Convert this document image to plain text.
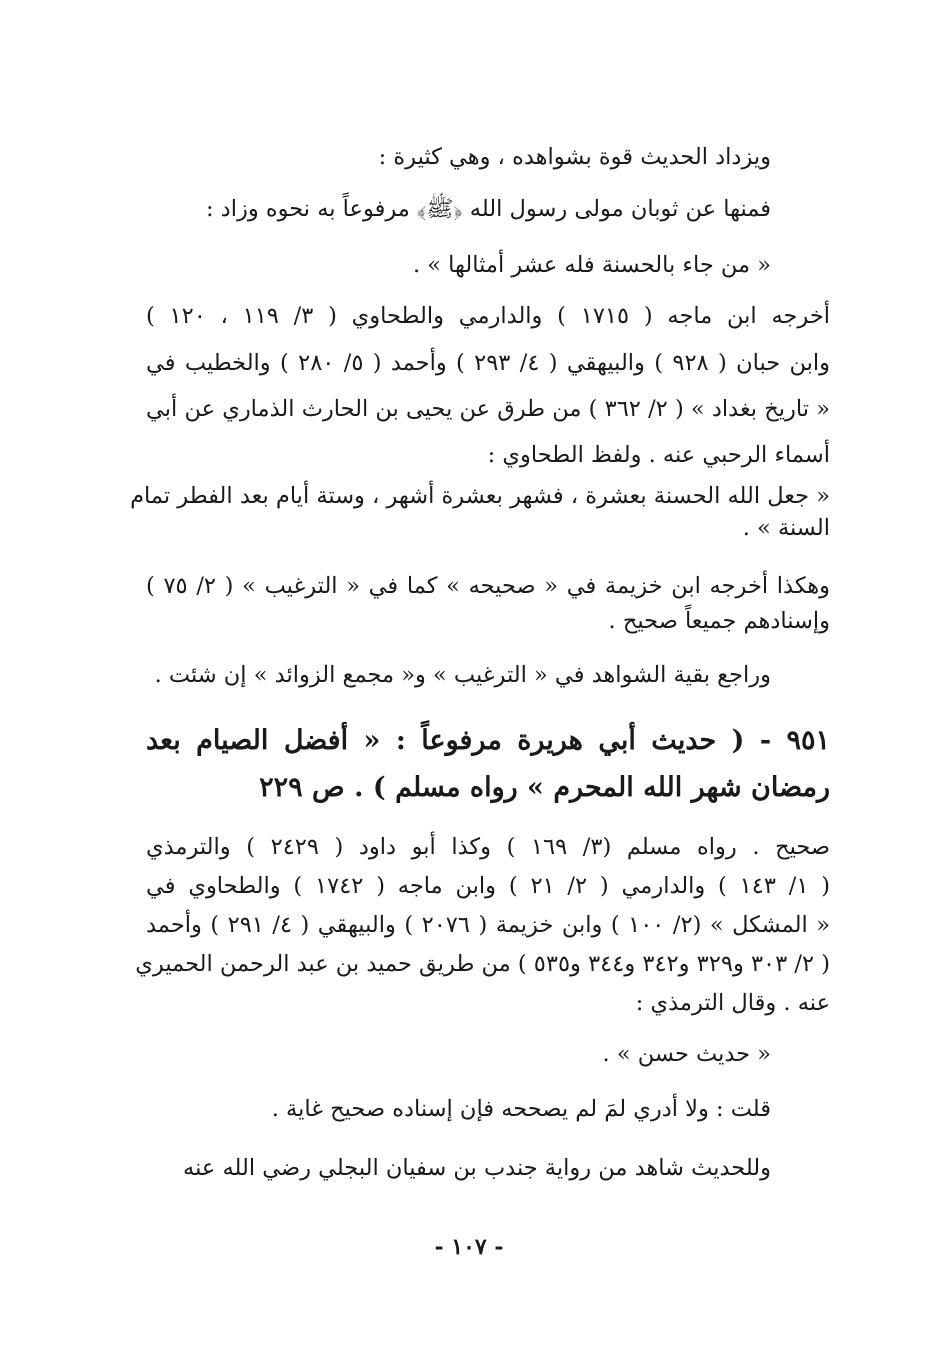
ويزداد الحديث قوة بشواهده ، وهي كثيرة :

فمنها عن ثوبان مولى رسول الله ﴿ﷺ﴾ مرفوعاً به نحوه وزاد :

« من جاء بالحسنة فله عشر أمثالها » .

أخرجه ابن ماجه ( ١٧١٥ ) والدارمي والطحاوي ( ٣/ ١١٩ ، ١٢٠ )

وابن حبان ( ٩٢٨ ) والبيهقي ( ٤/ ٢٩٣ ) وأحمد ( ٥/ ٢٨٠ ) والخطيب في

« تاريخ بغداد » ( ٢/ ٣٦٢ ) من طرق عن يحيى بن الحارث الذماري عن أبي

أسماء الرحبي عنه . ولفظ الطحاوي :

« جعل الله الحسنة بعشرة ، فشهر بعشرة أشهر ، وستة أيام بعد الفطر تمام

السنة » .

وهكذا أخرجه ابن خزيمة في « صحيحه » كما في « الترغيب » ( ٢/ ٧٥ )

وإسنادهم جميعاً صحيح .

وراجع بقية الشواهد في « الترغيب » و« مجمع الزوائد » إن شئت .

٩٥١ - ( حديث أبي هريرة مرفوعاً : « أفضل الصيام بعد

رمضان شهر الله المحرم » رواه مسلم ) . ص ٢٢٩

صحيح . رواه مسلم (٣/ ١٦٩ ) وكذا أبو داود ( ٢٤٢٩ ) والترمذي

( ١/ ١٤٣ ) والدارمي ( ٢/ ٢١ ) وابن ماجه ( ١٧٤٢ ) والطحاوي في

« المشكل » (٢/ ١٠٠ ) وابن خزيمة ( ٢٠٧٦ ) والبيهقي ( ٤/ ٢٩١ ) وأحمد

( ٢/ ٣٠٣ و٣٢٩ و٣٤٢ و٣٤٤ و٥٣٥ ) من طريق حميد بن عبد الرحمن الحميري

عنه . وقال الترمذي :

« حديث حسن » .

قلت : ولا أدري لمَ لم يصححه فإن إسناده صحيح غاية .

وللحديث شاهد من رواية جندب بن سفيان البجلي رضي الله عنه

- ١٠٧ -
